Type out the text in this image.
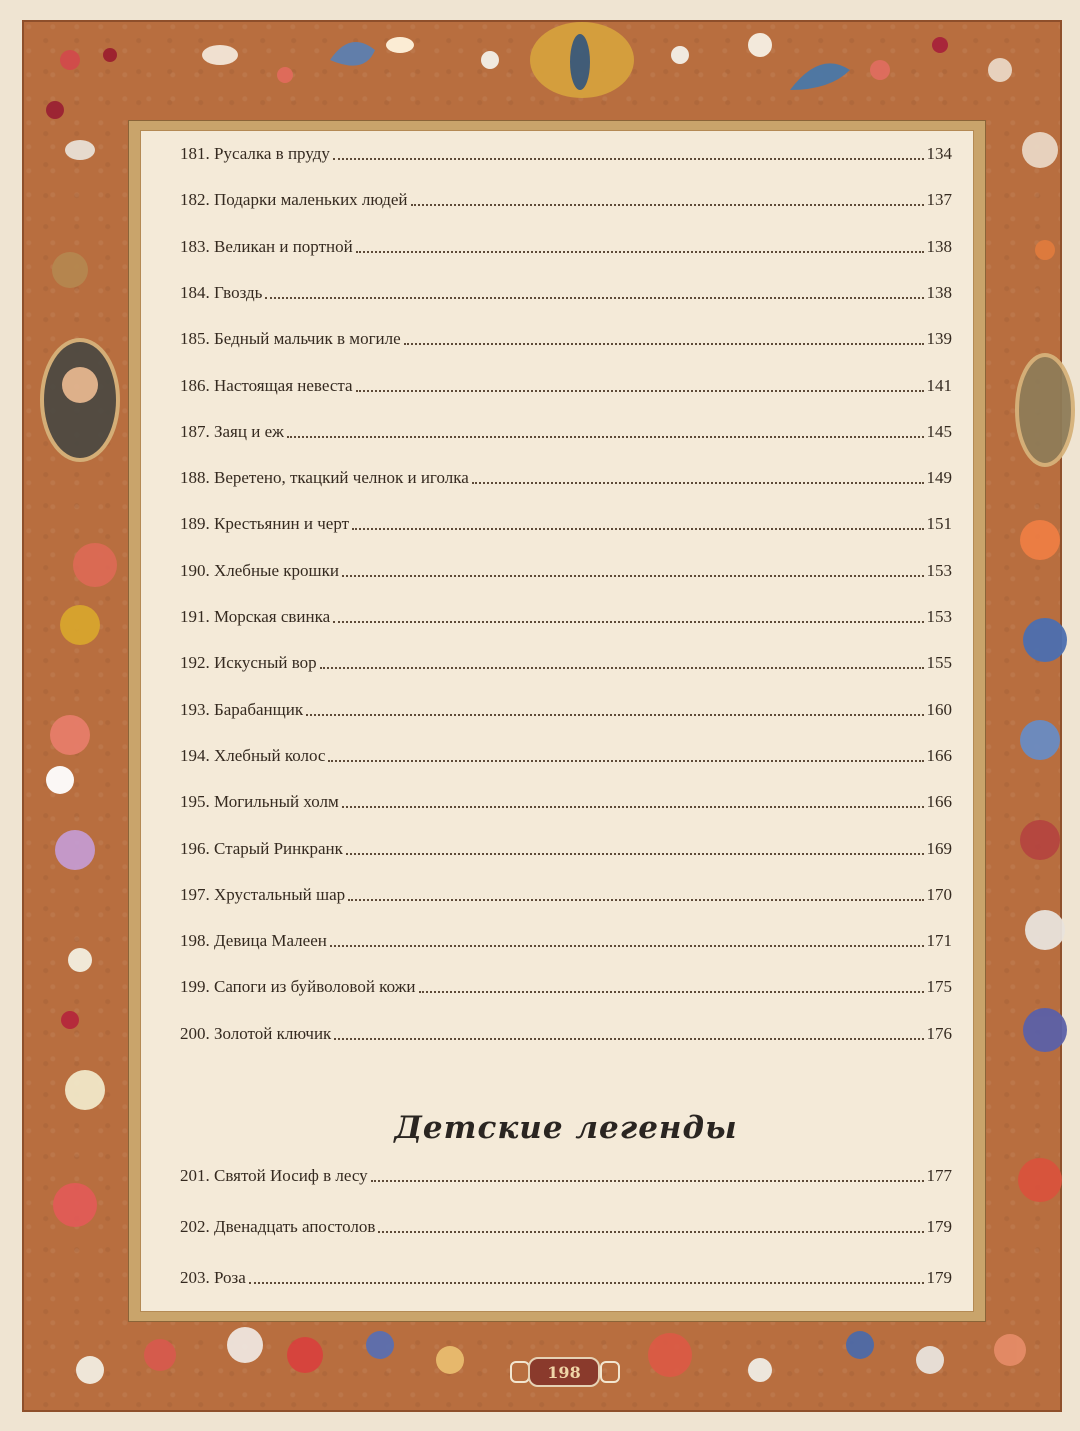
181. Русалка в пруду	134
182. Подарки маленьких людей	137
183. Великан и портной	138
184. Гвоздь	138
185. Бедный мальчик в могиле	139
186. Настоящая невеста	141
187. Заяц и еж	145
188. Веретено, ткацкий челнок и иголка	149
189. Крестьянин и черт	151
190. Хлебные крошки	153
191. Морская свинка	153
192. Искусный вор	155
193. Барабанщик	160
194. Хлебный колос	166
195. Могильный холм	166
196. Старый Ринкранк	169
197. Хрустальный шар	170
198. Девица Малеен	171
199. Сапоги из буйволовой кожи	175
200. Золотой ключик	176
Детские легенды
201. Святой Иосиф в лесу	177
202. Двенадцать апостолов	179
203. Роза	179
198
